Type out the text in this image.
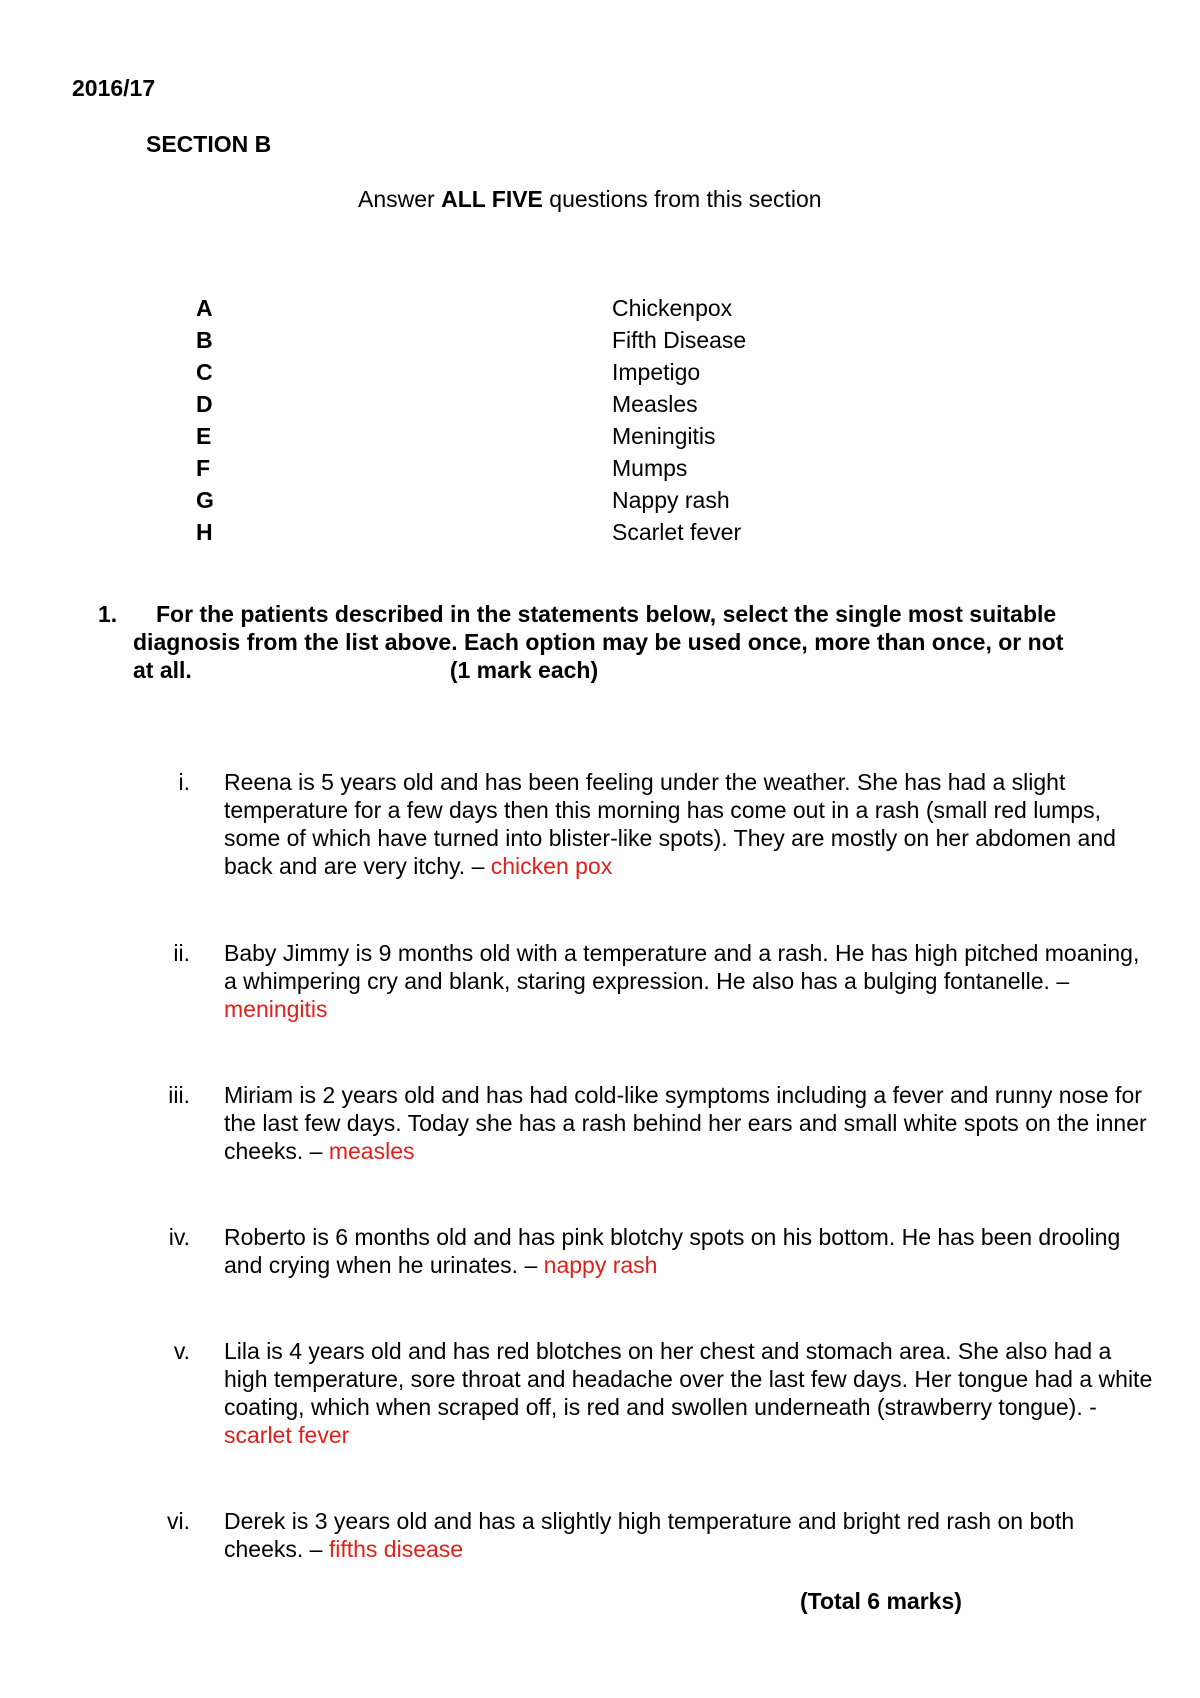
2016/17
SECTION B
Answer ALL FIVE questions from this section
A	Chickenpox
B	Fifth Disease
C	Impetigo
D	Measles
E	Meningitis
F	Mumps
G	Nappy rash
H	Scarlet fever
1.	For the patients described in the statements below, select the single most suitable
diagnosis from the list above. Each option may be used once, more than once, or not
at all.	(1 mark each)
i. Reena is 5 years old and has been feeling under the weather. She has had a slight temperature for a few days then this morning has come out in a rash (small red lumps, some of which have turned into blister-like spots). They are mostly on her abdomen and back and are very itchy. – chicken pox
ii. Baby Jimmy is 9 months old with a temperature and a rash. He has high pitched moaning, a whimpering cry and blank, staring expression. He also has a bulging fontanelle. – meningitis
iii. Miriam is 2 years old and has had cold-like symptoms including a fever and runny nose for the last few days. Today she has a rash behind her ears and small white spots on the inner cheeks. – measles
iv. Roberto is 6 months old and has pink blotchy spots on his bottom. He has been drooling and crying when he urinates. – nappy rash
v. Lila is 4 years old and has red blotches on her chest and stomach area. She also had a high temperature, sore throat and headache over the last few days. Her tongue had a white coating, which when scraped off, is red and swollen underneath (strawberry tongue). -scarlet fever
vi. Derek is 3 years old and has a slightly high temperature and bright red rash on both cheeks. – fifths disease
(Total 6 marks)
